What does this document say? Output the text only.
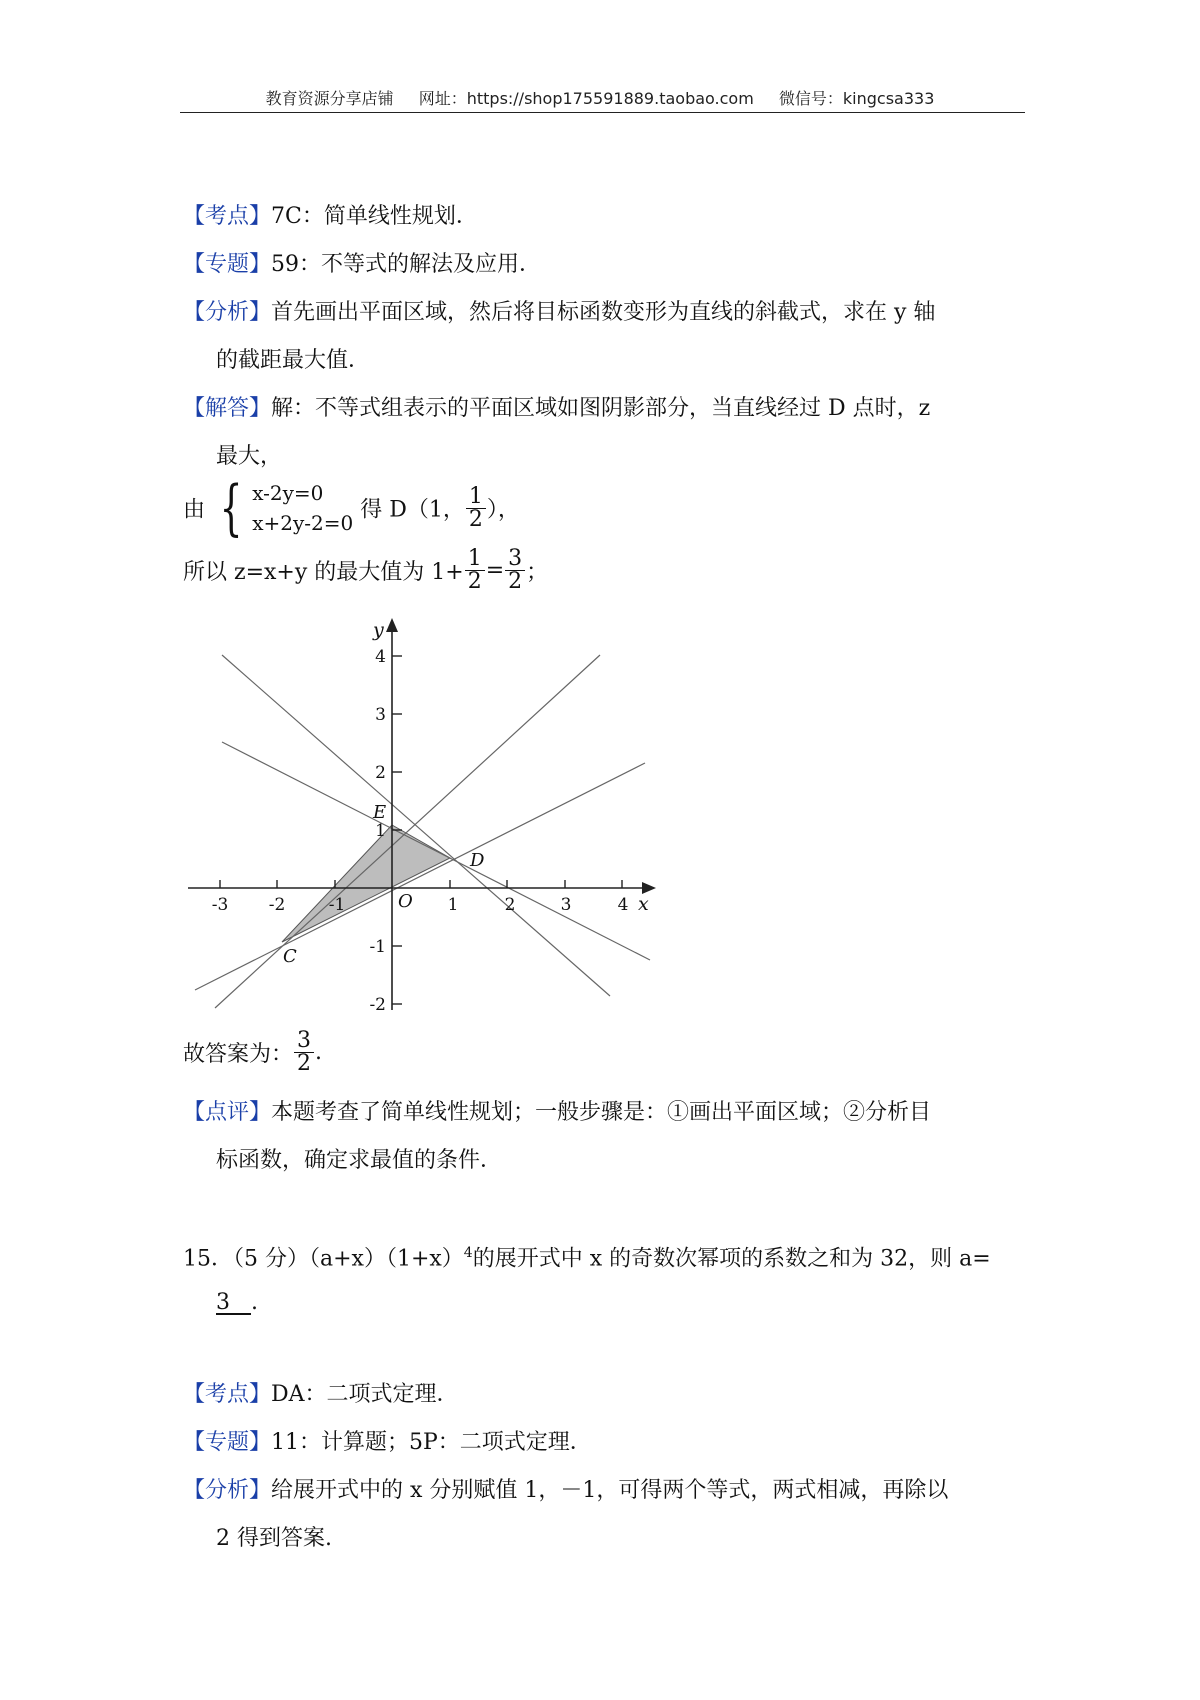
教育资源分享店铺 网址：https://shop175591889.taobao.com 微信号：kingcsa333
【考点】7C：简单线性规划．
【专题】59：不等式的解法及应用．
【分析】首先画出平面区域，然后将目标函数变形为直线的斜截式，求在 y 轴
的截距最大值．
【解答】解：不等式组表示的平面区域如图阴影部分，当直线经过 D 点时，z
最大，
由 { x-2y=0
x+2y-2=0
得 D（1， $\frac{1}{2}$ ），
所以 z=x+y 的最大值为 $1+ \frac{1}{2} = \frac{3}{2}$ ；
-3 -2	-1	1	2	3	4
4
3
2
1
-1
-2
y
x
O
E
D
C
故答案为： $\frac{3}{2}$ .
【点评】本题考查了简单线性规划；一般步骤是：①画出平面区域；②分析目
标函数，确定求最值的条件．
15．（5 分）$(a+x)(1+x)^4$的展开式中 x 的奇数次幂项的系数之和为 32，则 a=
3 .
【考点】DA：二项式定理．
【专题】11：计算题；5P：二项式定理．
【分析】给展开式中的 x 分别赋值 1，－1，可得两个等式，两式相减，再除以
2 得到答案.
